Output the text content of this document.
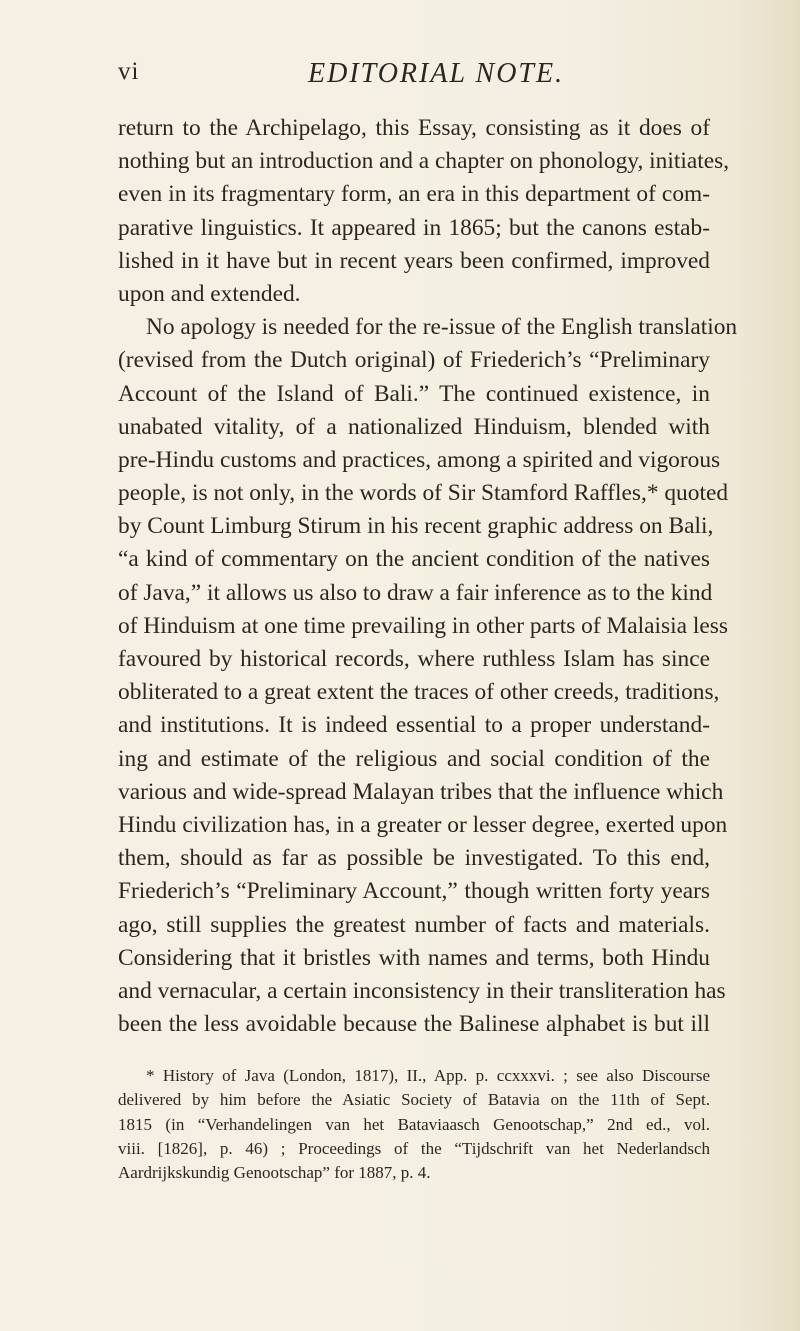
vi	EDITORIAL NOTE.
return to the Archipelago, this Essay, consisting as it does of
nothing but an introduction and a chapter on phonology, initiates,
even in its fragmentary form, an era in this department of com-
parative linguistics. It appeared in 1865; but the canons estab-
lished in it have but in recent years been confirmed, improved
upon and extended.
No apology is needed for the re-issue of the English translation
(revised from the Dutch original) of Friederich’s “Preliminary
Account of the Island of Bali.” The continued existence, in
unabated vitality, of a nationalized Hinduism, blended with
pre-Hindu customs and practices, among a spirited and vigorous
people, is not only, in the words of Sir Stamford Raffles,* quoted
by Count Limburg Stirum in his recent graphic address on Bali,
“a kind of commentary on the ancient condition of the natives
of Java,” it allows us also to draw a fair inference as to the kind
of Hinduism at one time prevailing in other parts of Malaisia less
favoured by historical records, where ruthless Islam has since
obliterated to a great extent the traces of other creeds, traditions,
and institutions. It is indeed essential to a proper understand-
ing and estimate of the religious and social condition of the
various and wide-spread Malayan tribes that the influence which
Hindu civilization has, in a greater or lesser degree, exerted upon
them, should as far as possible be investigated. To this end,
Friederich’s “Preliminary Account,” though written forty years
ago, still supplies the greatest number of facts and materials.
Considering that it bristles with names and terms, both Hindu
and vernacular, a certain inconsistency in their transliteration has
been the less avoidable because the Balinese alphabet is but ill
* History of Java (London, 1817), II., App. p. ccxxxvi. ; see also Discourse
delivered by him before the Asiatic Society of Batavia on the 11th of Sept.
1815 (in “Verhandelingen van het Bataviaasch Genootschap,” 2nd ed., vol.
viii. [1826], p. 46) ; Proceedings of the “Tijdschrift van het Nederlandsch
Aardrijkskundig Genootschap” for 1887, p. 4.
